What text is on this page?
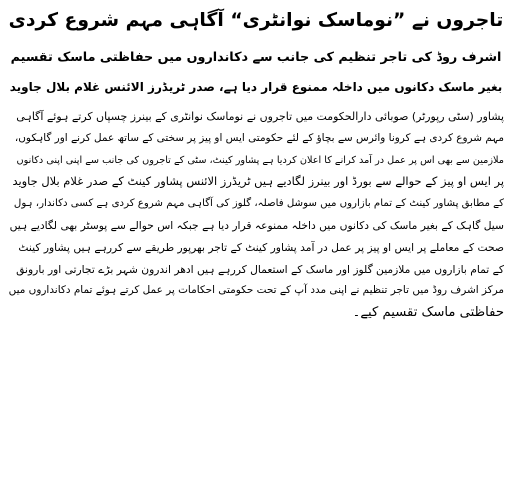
تاجروں نے ”نوماسک نوانٹری“ آگاہی مہم شروع کردی
اشرف روڈ کی تاجر تنظیم کی جانب سے دکانداروں میں حفاظتی ماسک تقسیم
بغیر ماسک دکانوں میں داخلہ ممنوع قرار دیا ہے، صدر ٹریڈرز الائنس غلام بلال جاوید
پشاور (سٹی رپورٹر) صوبائی دارالحکومت میں تاجروں نے نوماسک نوانٹری کے بینرز چسپاں کرتے ہوئے آگاہی
مہم شروع کردی ہے کرونا وائرس سے بچاؤ کے لئے حکومتی ایس او پیز پر سختی کے ساتھ عمل کرنے اور گاہکوں،
ملازمین سے بھی اس پر عمل در آمد کرانے کا اعلان کردیا ہے پشاور کینٹ، سٹی کے تاجروں کی جانب سے اپنی اپنی دکانوں
پر ایس او پیز کے حوالے سے بورڈ اور بینرز لگادیے ہیں ٹریڈرز الائنس پشاور کینٹ کے صدر غلام بلال جاوید
کے مطابق پشاور کینٹ کے تمام بازاروں میں سوشل فاصلہ، گلوز کی آگاہی مہم شروع کردی ہے کسی دکاندار، ہول
سیل گاہک کے بغیر ماسک کی دکانوں میں داخلہ ممنوعہ قرار دیا ہے جبکہ اس حوالے سے پوسٹر بھی لگادیے ہیں
صحت کے معاملے پر ایس او پیز پر عمل در آمد پشاور کینٹ کے تاجر بھرپور طریقے سے کررہے ہیں پشاور کینٹ
کے تمام بازاروں میں ملازمین گلوز اور ماسک کے استعمال کررہے ہیں ادھر اندرون شہر بڑے تجارتی اور بارونق
مرکز اشرف روڈ میں تاجر تنظیم نے اپنی مدد آپ کے تحت حکومتی احکامات پر عمل کرتے ہوئے تمام دکانداروں میں
حفاظتی ماسک تقسیم کیے۔
